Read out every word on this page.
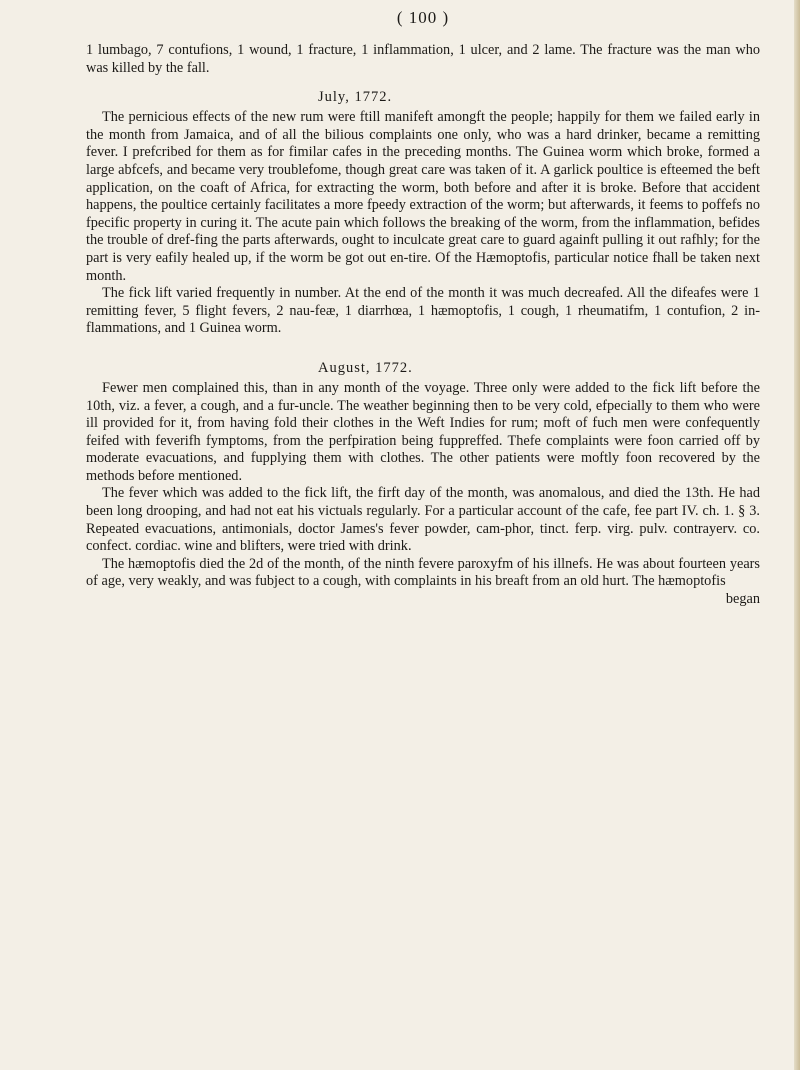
( 100 )

1 lumbago, 7 contufions, 1 wound, 1 fracture, 1 inflammation, 1 ulcer, and 2 lame. The fracture was the man who was killed by the fall.

July, 1772.

The pernicious effects of the new rum were ftill manifeft amongft the people; happily for them we failed early in the month from Jamaica, and of all the bilious complaints one only, who was a hard drinker, became a remitting fever. I prefcribed for them as for fimilar cafes in the preceding months. The Guinea worm which broke, formed a large abfcefs, and became very troublefome, though great care was taken of it. A garlick poultice is efteemed the beft application, on the coaft of Africa, for extracting the worm, both before and after it is broke. Before that accident happens, the poultice certainly facilitates a more fpeedy extraction of the worm; but afterwards, it feems to poffefs no fpecific property in curing it. The acute pain which follows the breaking of the worm, from the inflammation, befides the trouble of dref-fing the parts afterwards, ought to inculcate great care to guard againft pulling it out rafhly; for the part is very eafily healed up, if the worm be got out en-tire. Of the Hæmoptofis, particular notice fhall be taken next month.

The fick lift varied frequently in number. At the end of the month it was much decreafed. All the difeafes were 1 remitting fever, 5 flight fevers, 2 nau-feæ, 1 diarrhœa, 1 hæmoptofis, 1 cough, 1 rheumatifm, 1 contufion, 2 in-flammations, and 1 Guinea worm.

August, 1772.

Fewer men complained this, than in any month of the voyage. Three only were added to the fick lift before the 10th, viz. a fever, a cough, and a fur-uncle. The weather beginning then to be very cold, efpecially to them who were ill provided for it, from having fold their clothes in the Weft Indies for rum; moft of fuch men were confequently feifed with feverifh fymptoms, from the perfpiration being fuppreffed. Thefe complaints were foon carried off by moderate evacuations, and fupplying them with clothes. The other patients were moftly foon recovered by the methods before mentioned.

The fever which was added to the fick lift, the firft day of the month, was anomalous, and died the 13th. He had been long drooping, and had not eat his victuals regularly. For a particular account of the cafe, fee part IV. ch. 1. § 3. Repeated evacuations, antimonials, doctor James's fever powder, cam-phor, tinct. ferp. virg. pulv. contrayerv. co. confect. cordiac. wine and blifters, were tried with drink.

The hæmoptofis died the 2d of the month, of the ninth fevere paroxyfm of his illnefs. He was about fourteen years of age, very weakly, and was fubject to a cough, with complaints in his breaft from an old hurt. The hæmoptofis

began
